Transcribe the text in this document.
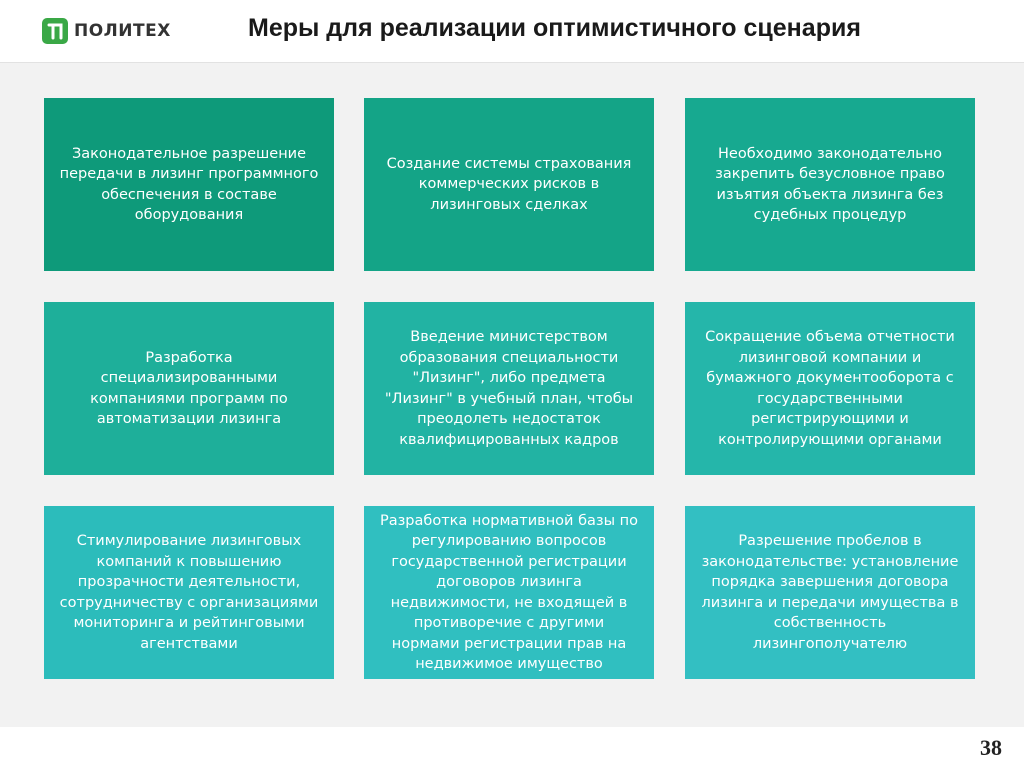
ПОЛИТЕХ	Меры для реализации оптимистичного сценария
Законодательное разрешение передачи в лизинг программного обеспечения в составе оборудования
Создание системы страхования коммерческих рисков в лизинговых сделках
Необходимо законодательно закрепить безусловное право изъятия объекта лизинга без судебных процедур
Разработка специализированными компаниями программ по автоматизации лизинга
Введение министерством образования специальности "Лизинг", либо предмета "Лизинг" в учебный план, чтобы преодолеть недостаток квалифицированных кадров
Сокращение объема отчетности лизинговой компании и бумажного документооборота с государственными регистрирующими и контролирующими органами
Стимулирование лизинговых компаний к повышению прозрачности деятельности, сотрудничеству с организациями мониторинга и рейтинговыми агентствами
Разработка нормативной базы по регулированию вопросов государственной регистрации договоров лизинга недвижимости, не входящей в противоречие с другими нормами регистрации прав на недвижимое имущество
Разрешение пробелов в законодательстве: установление порядка завершения договора лизинга и передачи имущества в собственность лизингополучателю
38
